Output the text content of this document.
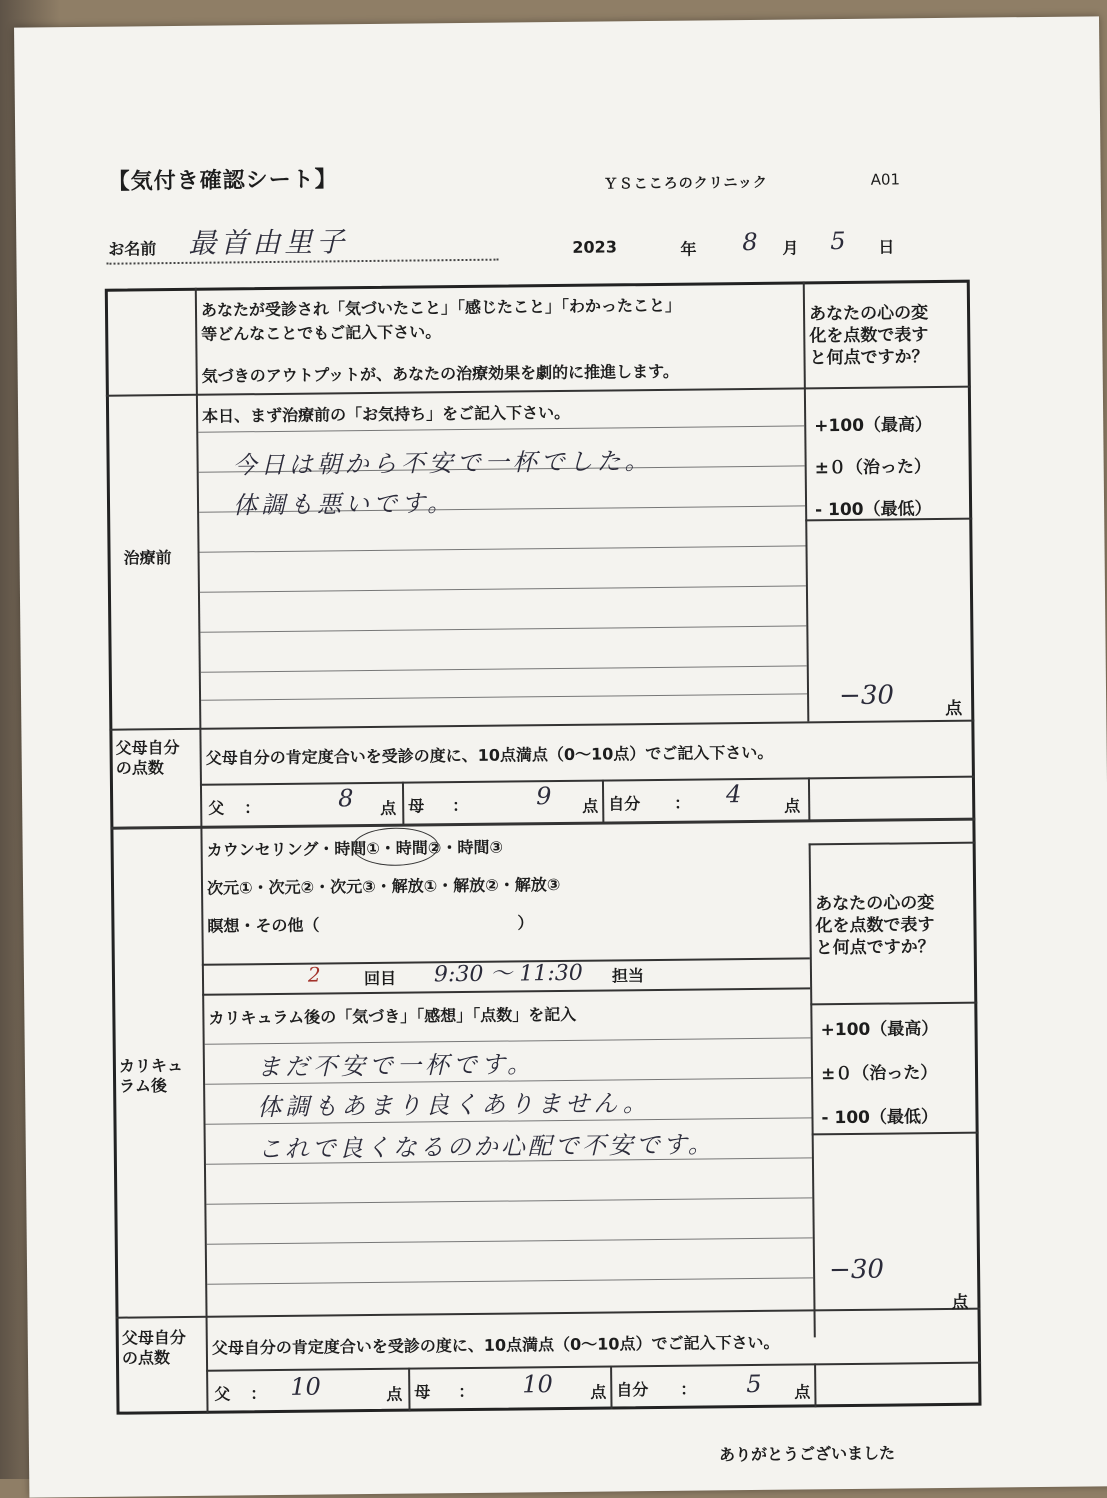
【気付き確認シート】	ＹＳこころのクリニック	A01
お名前 最首由里子	2023	年 8 月 5 日
あなたが受診され「気づいたこと」「感じたこと」「わかったこと」
等どんなことでもご記入下さい。
気づきのアウトプットが、あなたの治療効果を劇的に推進します。
あなたの心の変
化を点数で表す
と何点ですか？
治療前
本日、まず治療前の「お気持ち」をご記入下さい。
今日は朝から不安で一杯でした。
体調も悪いです。
+100（最高）
±０（治った）
- 100（最低）
−30	点
父母自分
の点数
父母自分の肯定度合いを受診の度に、10点満点（0〜10点）でご記入下さい。
父 ：	8 点 母 ：	9 点 自分 ： 4	点
カリキュ
ラム後
カウンセリング・時間①・時間②・時間③
次元①・次元②・次元③・解放①・解放②・解放③
瞑想・その他（	）
2	回目 9:30 〜 11:30 担当
カリキュラム後の「気づき」「感想」「点数」を記入
まだ不安で一杯です。
体調もあまり良くありません。
これで良くなるのか心配で不安です。
あなたの心の変
化を点数で表す
と何点ですか？
+100（最高）
±０（治った）
- 100（最低）
−30
点
父母自分
の点数
父母自分の肯定度合いを受診の度に、10点満点（0〜10点）でご記入下さい。
父 ： 10	点 母 ： 10 点 自分 ： 5 点
ありがとうございました
